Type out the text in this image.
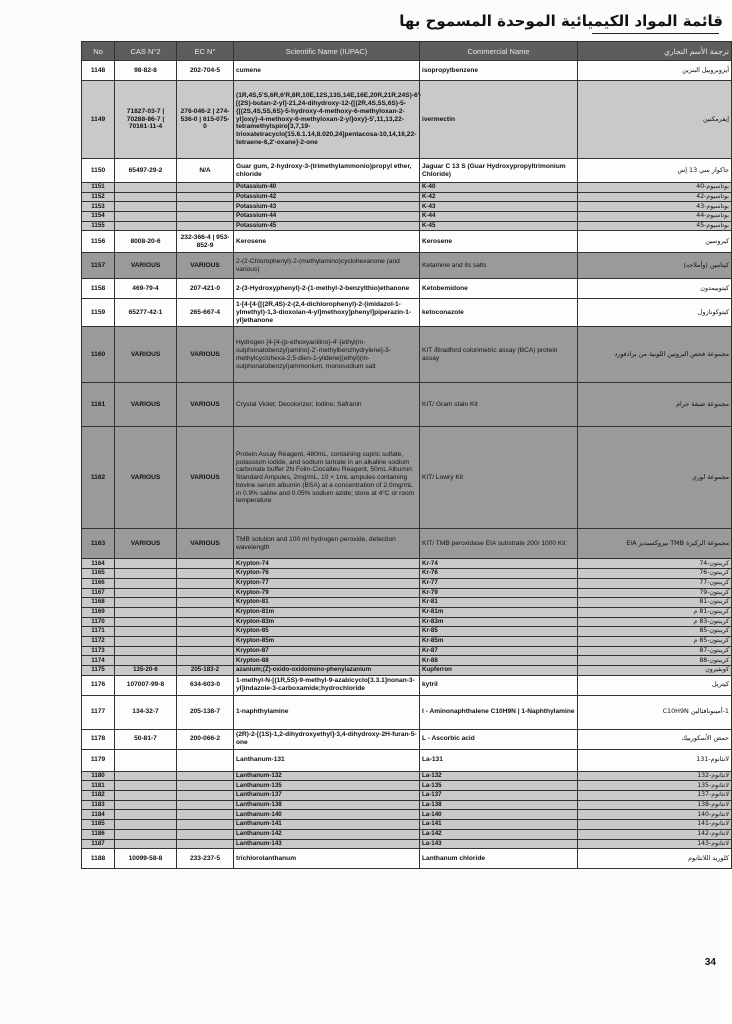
قائمة المواد الكيميائية الموحدة المسموح بها
No	CAS N°2	EC N°	Scientific Name (IUPAC)	Commercial Name	ترجمة الأسم التجاري
1148	98-82-8	202-704-5	cumene	isopropylbenzene	أيزوبروبيل البنزين
1149	71827-03-7 | 70288-86-7 | 70161-11-4	276-046-2 | 274-536-0 | 615-075-0	(1R,4S,5'S,6R,6'R,8R,10E,12S,13S,14E,16E,20R,21R,24S)-6'-[(2S)-butan-2-yl]-21,24-dihydroxy-12-{[(2R,4S,5S,6S)-5-{[(2S,4S,5S,6S)-5-hydroxy-4-methoxy-6-methyloxan-2-yl]oxy}-4-methoxy-6-methyloxan-2-yl]oxy}-5',11,13,22-tetramethylspiro[3,7,19-trioxatetracyclo[15.6.1.14,8.020,24]pentacosa-10,14,16,22-tetraene-6,2'-oxane]-2-one	ivermectin	إيفرمكتين
1150	65497-29-2	N/A	Guar gum, 2-hydroxy-3-(trimethylammonio)propyl ether, chloride	Jaguar C 13 S (Guar Hydroxypropyltrimonium Chloride)	جاكوار سي 13 إس
1151			Potassium-40	K-40	بوتاسيوم-40
1152			Potassium-42	K-42	بوتاسيوم-42
1153			Potassium-43	K-43	بوتاسيوم-43
1154			Potassium-44	K-44	بوتاسيوم-44
1155			Potassium-45	K-45	بوتاسيوم-45
1156	8008-20-6	232-366-4 | 953-852-9	Kerosene	Kerosene	كيروسين
1157	VARIOUS	VARIOUS	2-(2-Chlorophenyl)-2-(methylamino)cyclohexanone (and various)	Ketamine and its salts	كيتامين (وأملاحه)
1158	469-79-4	207-421-0	2-(3-Hydroxyphenyl)-2-(1-methyl-2-benzylthio)ethanone	Ketobemidone	كيتوبيمدون
1159	65277-42-1	265-667-4	1-[4-[4-[[(2R,4S)-2-(2,4-dichlorophenyl)-2-(imidazol-1-ylmethyl)-1,3-dioxolan-4-yl]methoxy]phenyl]piperazin-1-yl]ethanone	ketoconazole	كيتوكونازول
1160	VARIOUS	VARIOUS	Hydrogen [4-[4-(p-ethoxyanilino)-4'-[ethyl(m-sulphonatobenzyl)amino]-2'-methylbenzhydrylene]-3-methylcyclohexa-2,5-dien-1-ylidene](ethyl)(m-sulphonatobenzyl)ammonium, monosodium salt	KIT /Bradford colorimetric assay (BCA) protein assay	مجموعة فحص البروتين اللونية من برادفورد
1161	VARIOUS	VARIOUS	Crystal Violet; Decolorizer; Iodine; Safranin	KIT/ Gram stain Kit	مجموعة صبغة جرام
1162	VARIOUS	VARIOUS	Protein Assay Reagent, 480mL, containing cupric sulfate, potassium iodide, and sodium tartrate in an alkaline sodium carbonate buffer 2N Folin-Ciocalteu Reagent, 50mL Albumin Standard Ampules, 2mg/mL, 10 × 1mL ampules containing bovine serum albumin (BSA) at a concentration of 2.0mg/mL in 0.9% saline and 0.05% sodium azide; store at 4°C or room temperature	KIT/ Lowry Kit	مجموعة لوري
1163	VARIOUS	VARIOUS	TMB solution and 100 ml hydrogen peroxide, detection wavelength	KIT/ TMB peroxidase EIA substrate 200/ 1000 Kit	مجموعة الركيزة TMB بيروكسيديز EIA
1164			Krypton-74	Kr-74	كريبتون-74
1165			Krypton-76	Kr-76	كريبتون-76
1166			Krypton-77	Kr-77	كريبتون-77
1167			Krypton-79	Kr-79	كريبتون-79
1168			Krypton-81	Kr-81	كريبتون-81
1169			Krypton-81m	Kr-81m	كريبتون-81 م
1170			Krypton-83m	Kr-83m	كريبتون-83 م
1171			Krypton-85	Kr-85	كريبتون-85
1172			Krypton-85m	Kr-85m	كريبتون-85 م
1173			Krypton-87	Kr-87	كريبتون-87
1174			Krypton-88	Kr-88	كريبتون-88
1175	135-20-6	205-183-2	azanium;(Z)-oxido-oxidoimino-phenylazanium	Kupferron	كوبفيرون
1176	107007-99-8	634-603-0	1-methyl-N-[(1R,5S)-9-methyl-9-azabicyclo[3.3.1]nonan-3-yl]indazole-3-carboxamide;hydrochloride	kytril	كيتريل
1177	134-32-7	205-138-7	1-naphthylamine	l - Aminonaphthalene C10H9N | 1-Naphthylamine	1-أمينونافثالين C10H9N
1178	50-81-7	200-066-2	(2R)-2-[(1S)-1,2-dihydroxyethyl]-3,4-dihydroxy-2H-furan-5-one	L - Ascorbic acid	حمض الأسكوربيك
1179			Lanthanum-131	La-131	لانثانوم-131
1180			Lanthanum-132	La-132	لانثانوم-132
1181			Lanthanum-135	La-135	لانثانوم-135
1182			Lanthanum-137	La-137	لانثانوم-137
1183			Lanthanum-138	La-138	لانثانوم-138
1184			Lanthanum-140	La-140	لانثانوم-140
1185			Lanthanum-141	La-141	لانثانوم-141
1186			Lanthanum-142	La-142	لانثانوم-142
1187			Lanthanum-143	La-143	لانثانوم-143
1188	10099-58-8	233-237-5	trichlorolanthanum	Lanthanum chloride	كلوريد اللانثانوم
34
